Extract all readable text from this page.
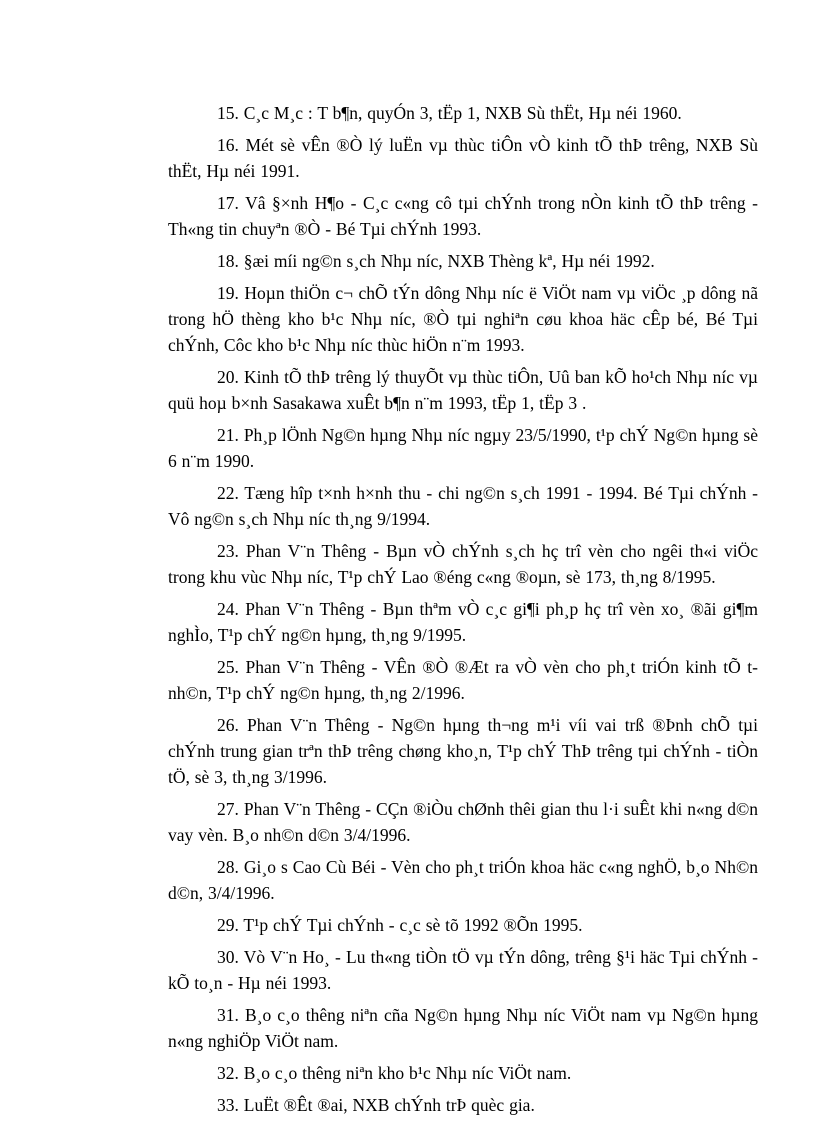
15. C¸c M¸c : T b¶n, quyÓn 3, tËp 1, NXB Sù thËt, Hµ néi 1960.

16. Mét sè vÊn ®Ò lý luËn vµ thùc tiÔn vÒ kinh tÕ thÞ trêng, NXB Sù thËt, Hµ néi 1991.

17. Vâ §×nh H¶o - C¸c c«ng cô tµi chÝnh trong nÒn kinh tÕ thÞ trêng - Th«ng tin chuyªn ®Ò - Bé Tµi chÝnh 1993.

18. §æi míi ng©n s¸ch Nhµ níc, NXB Thèng kª, Hµ néi 1992.

19. Hoµn thiÖn c¬ chÕ tÝn dông Nhµ níc ë ViÖt nam vµ viÖc ¸p dông nã trong hÖ thèng kho b¹c Nhµ níc, ®Ò tµi nghiªn cøu khoa häc cÊp bé, Bé Tµi chÝnh, Côc kho b¹c Nhµ níc thùc hiÖn n¨m 1993.

20. Kinh tÕ thÞ trêng lý thuyÕt vµ thùc tiÔn, Uû ban kÕ ho¹ch Nhµ níc vµ quü hoµ b×nh Sasakawa xuÊt b¶n n¨m 1993, tËp 1, tËp 3 .

21. Ph¸p lÖnh Ng©n hµng Nhµ níc ngµy 23/5/1990, t¹p chÝ Ng©n hµng sè 6 n¨m 1990.

22. Tæng hîp t×nh h×nh thu - chi ng©n s¸ch 1991 - 1994. Bé Tµi chÝnh - Vô ng©n s¸ch Nhµ níc th¸ng 9/1994.

23. Phan V¨n Thêng - Bµn vÒ chÝnh s¸ch hç trî vèn cho ngêi th«i viÖc trong khu vùc Nhµ níc, T¹p chÝ Lao ®éng c«ng ®oµn, sè 173, th¸ng 8/1995.

24. Phan V¨n Thêng - Bµn thªm vÒ c¸c gi¶i ph¸p hç trî vèn xo¸ ®ãi gi¶m nghÌo, T¹p chÝ ng©n hµng, th¸ng 9/1995.

25. Phan V¨n Thêng - VÊn ®Ò ®Æt ra vÒ vèn cho ph¸t triÓn kinh tÕ t nh©n, T¹p chÝ ng©n hµng, th¸ng 2/1996.

26. Phan V¨n Thêng - Ng©n hµng th¬ng m¹i víi vai trß ®Þnh chÕ tµi chÝnh trung gian trªn thÞ trêng chøng kho¸n, T¹p chÝ ThÞ trêng tµi chÝnh - tiÒn tÖ, sè 3, th¸ng 3/1996.

27. Phan V¨n Thêng - CÇn ®iÒu chØnh thêi gian thu l·i suÊt khi n«ng d©n vay vèn. B¸o nh©n d©n 3/4/1996.

28. Gi¸o s Cao Cù Béi - Vèn cho ph¸t triÓn khoa häc c«ng nghÖ, b¸o Nh©n d©n, 3/4/1996.

29. T¹p chÝ Tµi chÝnh - c¸c sè tõ 1992 ®Õn 1995.

30. Vò V¨n Ho¸ - Lu th«ng tiÒn tÖ vµ tÝn dông, trêng §¹i häc Tµi chÝnh - kÕ to¸n - Hµ néi 1993.

31. B¸o c¸o thêng niªn cña Ng©n hµng Nhµ níc ViÖt nam vµ Ng©n hµng n«ng nghiÖp ViÖt nam.

32. B¸o c¸o thêng niªn kho b¹c Nhµ níc ViÖt nam.

33. LuËt ®Êt ®ai, NXB chÝnh trÞ quèc gia.
